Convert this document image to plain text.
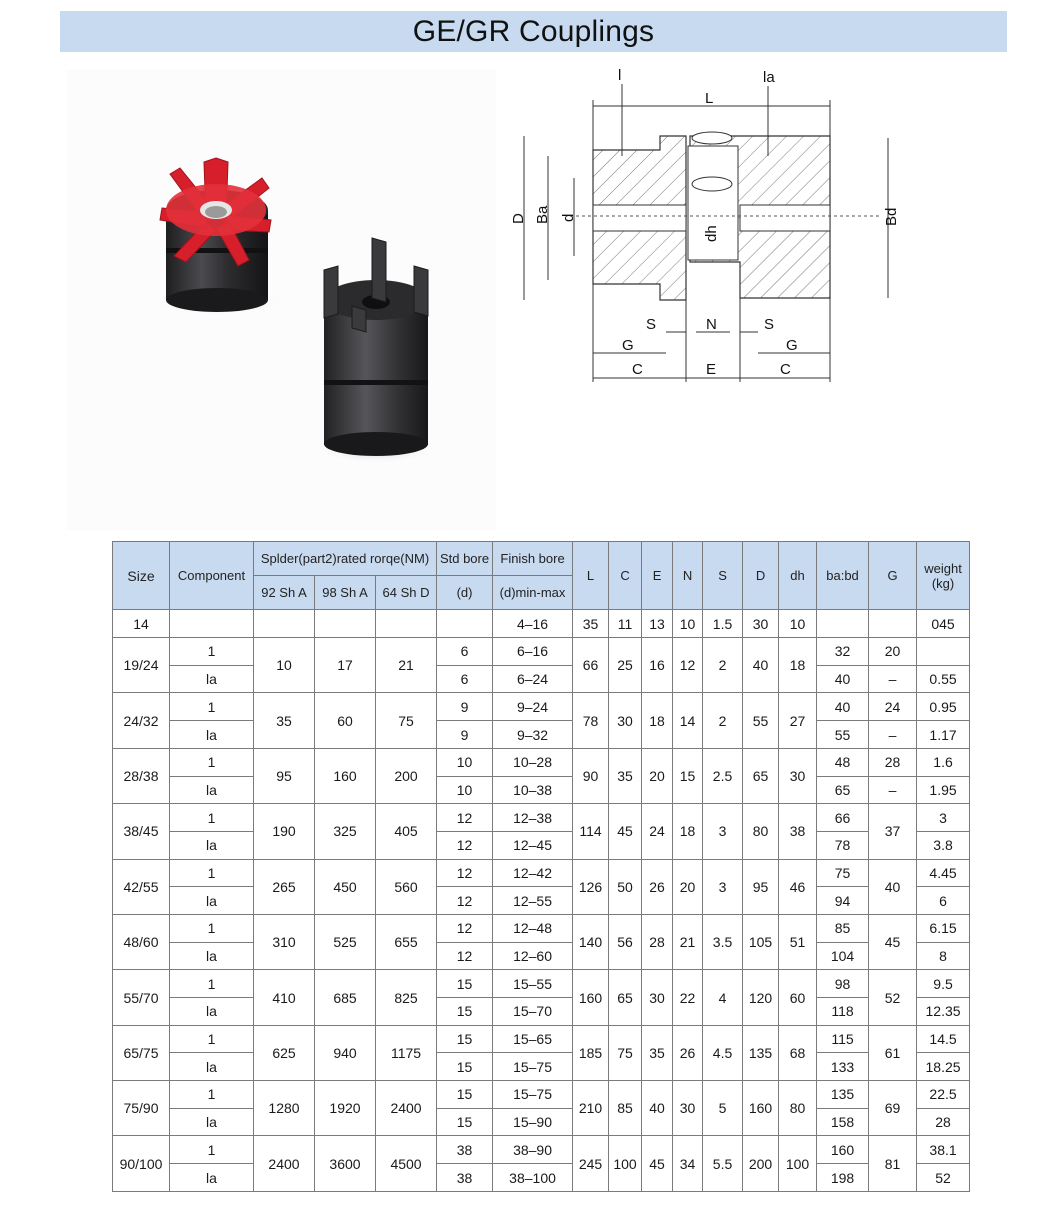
GE/GR Couplings
L
l	la
D Ba d
dh
Bd
S	N	S
G	G
C	E	C
Size	Component	Splder(part2)rated rorqe(NM)			Std bore	Finish bore	L	C	E	N	S	D	dh	ba:bd	G	weight
(kg)
		92 Sh A	98 Sh A	64 Sh D	(d)	(d)min-max										
14						4–16	35	11	13	10	1.5	30	10			045
19/24	1	10	17	21	6	6–16	66	25	16	12	2	40	18	32	20	
	la				6	6–24								40	–	0.55
24/32	1	35	60	75	9	9–24	78	30	18	14	2	55	27	40	24	0.95
	la				9	9–32								55	–	1.17
28/38	1	95	160	200	10	10–28	90	35	20	15	2.5	65	30	48	28	1.6
	la				10	10–38								65	–	1.95
38/45	1	190	325	405	12	12–38	114	45	24	18	3	80	38	66	37	3
	la				12	12–45								78		3.8
42/55	1	265	450	560	12	12–42	126	50	26	20	3	95	46	75	40	4.45
	la				12	12–55								94		6
48/60	1	310	525	655	12	12–48	140	56	28	21	3.5	105	51	85	45	6.15
	la				12	12–60								104		8
55/70	1	410	685	825	15	15–55	160	65	30	22	4	120	60	98	52	9.5
	la				15	15–70								118		12.35
65/75	1	625	940	1175	15	15–65	185	75	35	26	4.5	135	68	115	61	14.5
	la				15	15–75								133		18.25
75/90	1	1280	1920	2400	15	15–75	210	85	40	30	5	160	80	135	69	22.5
	la				15	15–90								158		28
90/100	1	2400	3600	4500	38	38–90	245	100	45	34	5.5	200	100	160	81	38.1
	la				38	38–100								198		52
